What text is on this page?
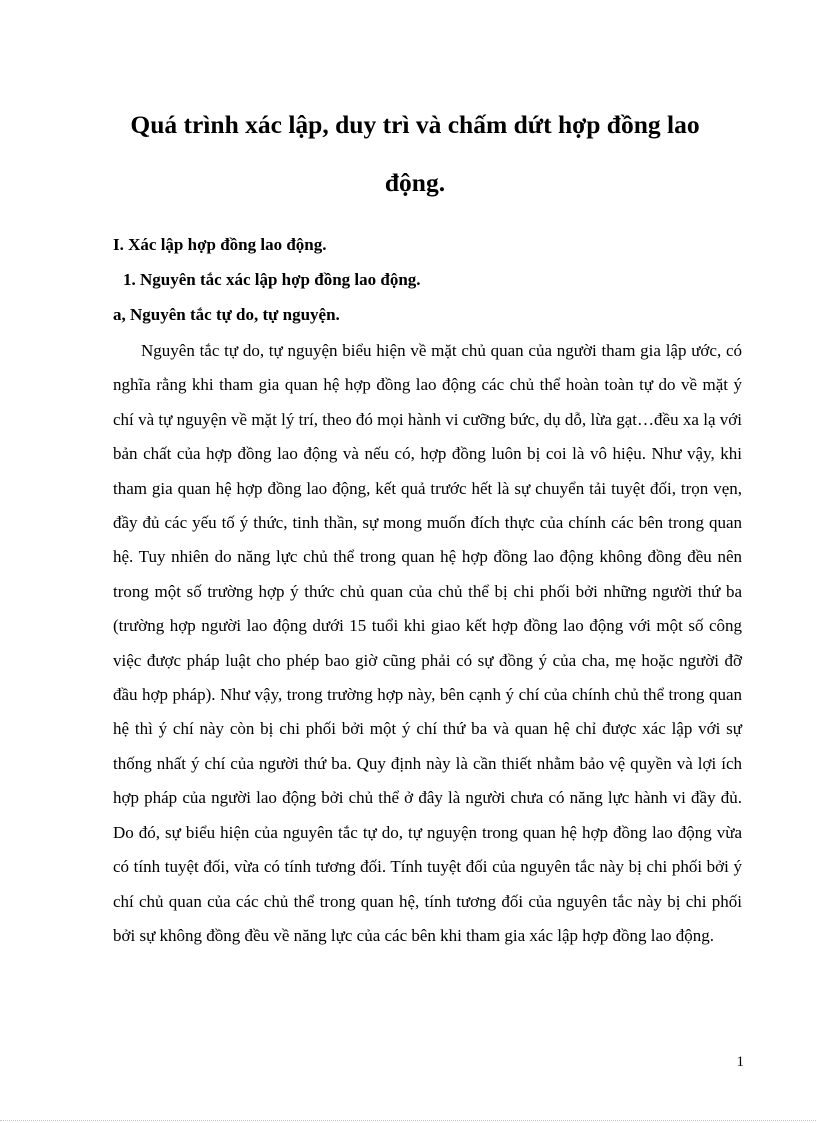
Quá trình xác lập, duy trì và chấm dứt hợp đồng lao động.
I. Xác lập hợp đồng lao động.
1. Nguyên tắc xác lập hợp đồng lao động.
a, Nguyên tắc tự do, tự nguyện.

Nguyên tắc tự do, tự nguyện biểu hiện về mặt chủ quan của người tham gia lập ước, có nghĩa rằng khi tham gia quan hệ hợp đồng lao động các chủ thể hoàn toàn tự do về mặt ý chí và tự nguyện về mặt lý trí, theo đó mọi hành vi cưỡng bức, dụ dỗ, lừa gạt…đều xa lạ với bản chất của hợp đồng lao động và nếu có, hợp đồng luôn bị coi là vô hiệu. Như vậy, khi tham gia quan hệ hợp đồng lao động, kết quả trước hết là sự chuyển tải tuyệt đối, trọn vẹn, đầy đủ các yếu tố ý thức, tinh thần, sự mong muốn đích thực của chính các bên trong quan hệ. Tuy nhiên do năng lực chủ thể trong quan hệ hợp đồng lao động không đồng đều nên trong một số trường hợp ý thức chủ quan của chủ thể bị chi phối bởi những người thứ ba (trường hợp người lao động dưới 15 tuổi khi giao kết hợp đồng lao động với một số công việc được pháp luật cho phép bao giờ cũng phải có sự đồng ý của cha, mẹ hoặc người đỡ đầu hợp pháp). Như vậy, trong trường hợp này, bên cạnh ý chí của chính chủ thể trong quan hệ thì ý chí này còn bị chi phối bởi một ý chí thứ ba và quan hệ chỉ được xác lập với sự thống nhất ý chí của người thứ ba. Quy định này là cần thiết nhằm bảo vệ quyền và lợi ích hợp pháp của người lao động bởi chủ thể ở đây là người chưa có năng lực hành vi đầy đủ. Do đó, sự biểu hiện của nguyên tắc tự do, tự nguyện trong quan hệ hợp đồng lao động vừa có tính tuyệt đối, vừa có tính tương đối. Tính tuyệt đối của nguyên tắc này bị chi phối bởi ý chí chủ quan của các chủ thể trong quan hệ, tính tương đối của nguyên tắc này bị chi phối bởi sự không đồng đều về năng lực của các bên khi tham gia xác lập hợp đồng lao động.

1
